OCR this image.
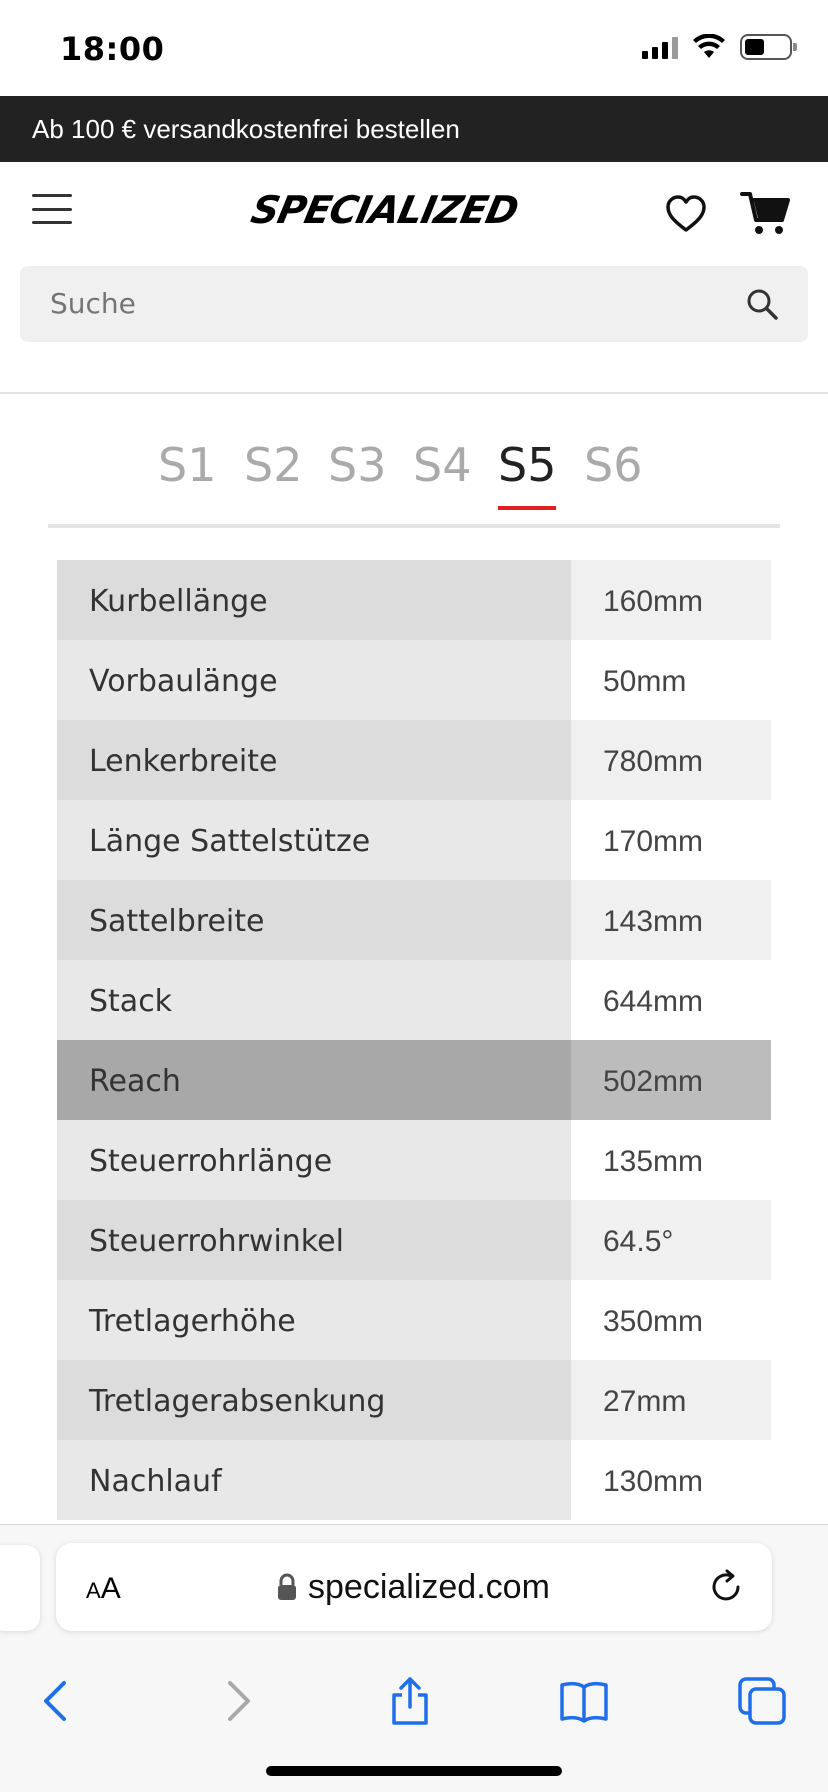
18:00
Ab 100 € versandkostenfrei bestellen
SPECIALIZED
Suche
S1 S2 S3 S4 S5 S6
Kurbellänge	160mm
Vorbaulänge	50mm
Lenkerbreite	780mm
Länge Sattelstütze	170mm
Sattelbreite	143mm
Stack	644mm
Reach	502mm
Steuerrohrlänge	135mm
Steuerrohrwinkel	64.5°
Tretlagerhöhe	350mm
Tretlagerabsenkung	27mm
Nachlauf	130mm
AA	specialized.com
